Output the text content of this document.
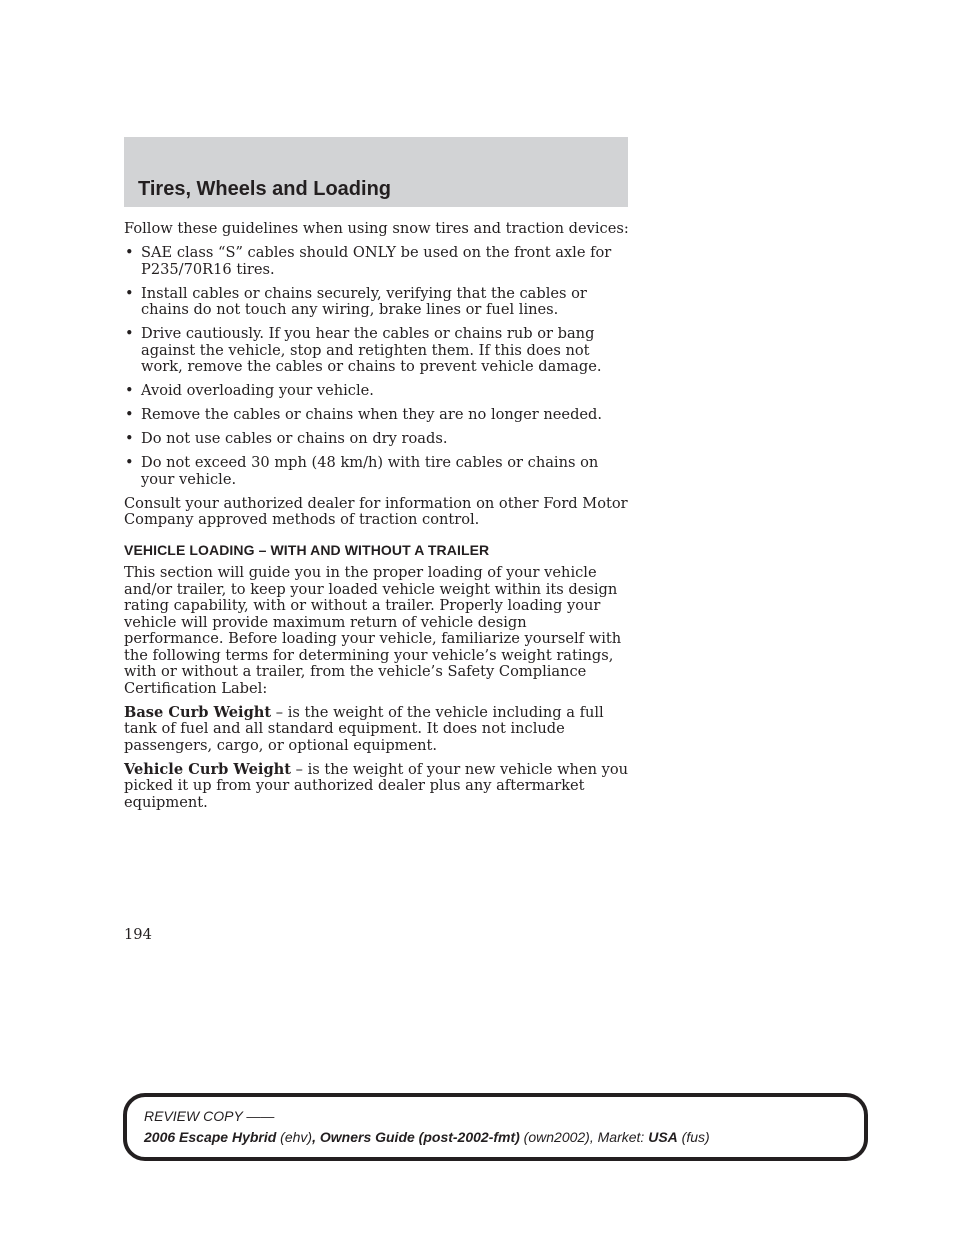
Tires, Wheels and Loading

Follow these guidelines when using snow tires and traction devices:

• SAE class “S” cables should ONLY be used on the front axle for P235/70R16 tires.
• Install cables or chains securely, verifying that the cables or chains do not touch any wiring, brake lines or fuel lines.
• Drive cautiously. If you hear the cables or chains rub or bang against the vehicle, stop and retighten them. If this does not work, remove the cables or chains to prevent vehicle damage.
• Avoid overloading your vehicle.
• Remove the cables or chains when they are no longer needed.
• Do not use cables or chains on dry roads.
• Do not exceed 30 mph (48 km/h) with tire cables or chains on your vehicle.

Consult your authorized dealer for information on other Ford Motor Company approved methods of traction control.

VEHICLE LOADING – WITH AND WITHOUT A TRAILER

This section will guide you in the proper loading of your vehicle and/or trailer, to keep your loaded vehicle weight within its design rating capability, with or without a trailer. Properly loading your vehicle will provide maximum return of vehicle design performance. Before loading your vehicle, familiarize yourself with the following terms for determining your vehicle’s weight ratings, with or without a trailer, from the vehicle’s Safety Compliance Certification Label:

Base Curb Weight – is the weight of the vehicle including a full tank of fuel and all standard equipment. It does not include passengers, cargo, or optional equipment.

Vehicle Curb Weight – is the weight of your new vehicle when you picked it up from your authorized dealer plus any aftermarket equipment.

194
REVIEW COPY ——
2006 Escape Hybrid (ehv), Owners Guide (post-2002-fmt) (own2002), Market: USA (fus)
